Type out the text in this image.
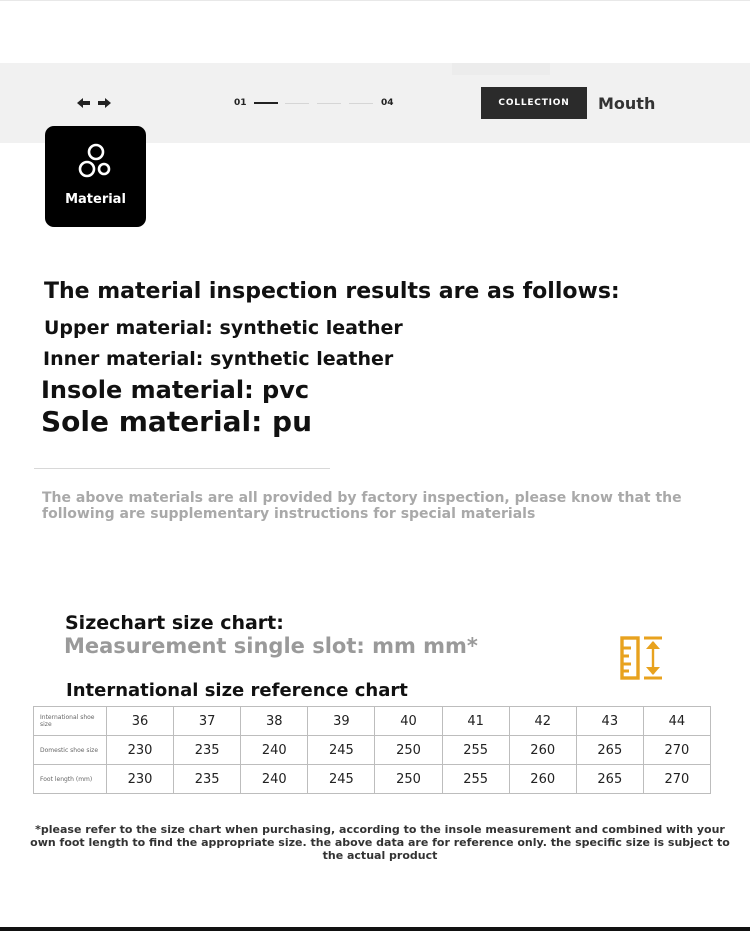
01	04	COLLECTION	Mouth
Material
The material inspection results are as follows:
Upper material: synthetic leather
Inner material: synthetic leather
Insole material: pvc
Sole material: pu
The above materials are all provided by factory inspection, please know that the following are supplementary instructions for special materials
Sizechart size chart:
Measurement single slot: mm mm*
International size reference chart
International shoe size	36	37	38	39	40	41	42	43	44
Domestic shoe size	230	235	240	245	250	255	260	265	270
Foot length (mm)	230	235	240	245	250	255	260	265	270
*please refer to the size chart when purchasing, according to the insole measurement and combined with your own foot length to find the appropriate size. the above data are for reference only. the specific size is subject to the actual product
